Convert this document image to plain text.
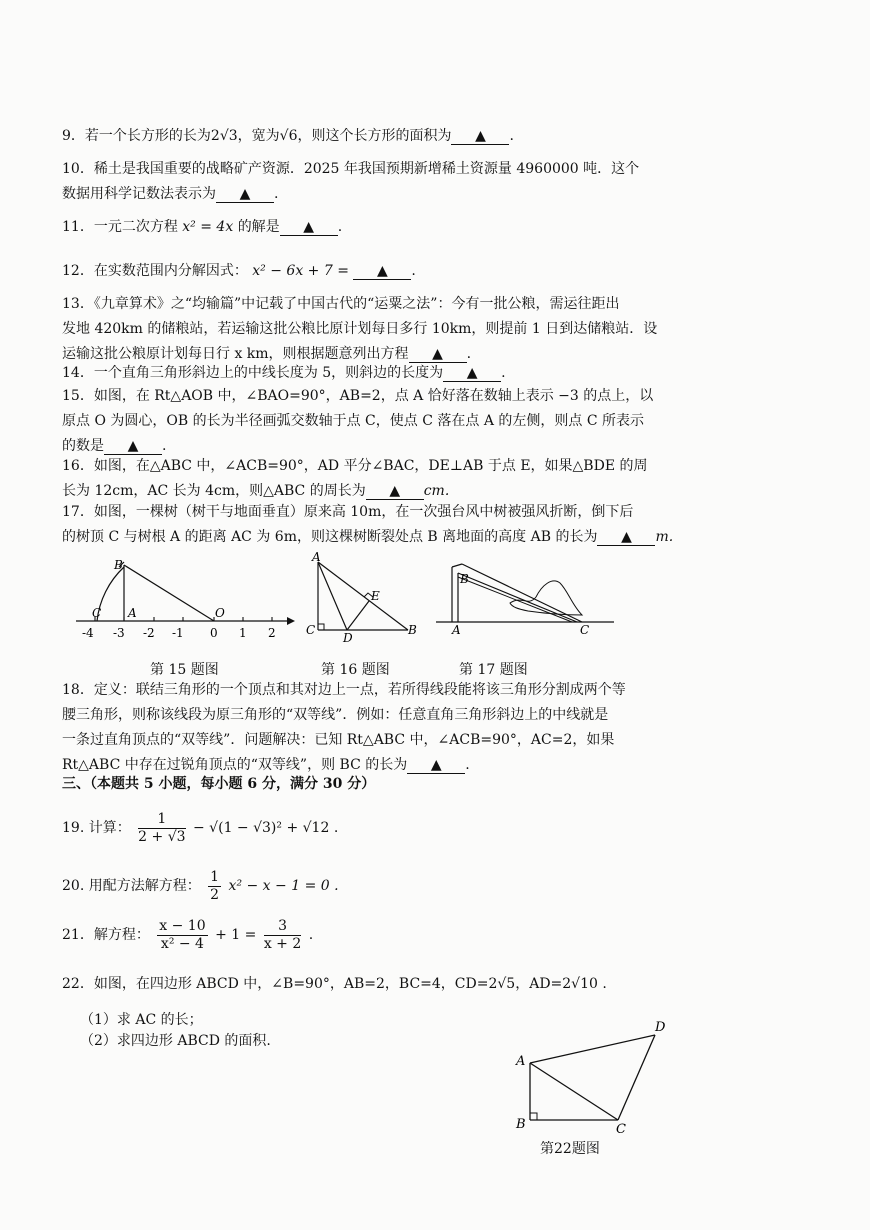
9．若一个长方形的长为2√3，宽为√6，则这个长方形的面积为 ▲ .
10．稀土是我国重要的战略矿产资源．2025 年我国预期新增稀土资源量 4960000 吨．这个
数据用科学记数法表示为 ▲ .
11．一元二次方程 x² = 4x 的解是 ▲ .
12．在实数范围内分解因式： x² − 6x + 7 = ▲ .
13．《九章算术》之“均输篇”中记载了中国古代的“运粟之法”：今有一批公粮，需运往距出
发地 420km 的储粮站，若运输这批公粮比原计划每日多行 10km，则提前 1 日到达储粮站．设
运输这批公粮原计划每日行 x km，则根据题意列出方程 ▲ .
14．一个直角三角形斜边上的中线长度为 5，则斜边的长度为 ▲ .
15．如图，在 Rt△AOB 中，∠BAO=90°，AB=2，点 A 恰好落在数轴上表示 −3 的点上，以
原点 O 为圆心，OB 的长为半径画弧交数轴于点 C，使点 C 落在点 A 的左侧，则点 C 所表示
的数是 ▲ .
16．如图，在△ABC 中，∠ACB=90°，AD 平分∠BAC，DE⊥AB 于点 E，如果△BDE 的周
长为 12cm，AC 长为 4cm，则△ABC 的周长为 ▲ cm.
17．如图，一棵树（树干与地面垂直）原来高 10m，在一次强台风中树被强风折断，倒下后
的树顶 C 与树根 A 的距离 AC 为 6m，则这棵树断裂处点 B 离地面的高度 AB 的长为 ▲ m.
B
C A	O
-4 -3 -2 -1 0 1 2
A
C
D
E
B
B
A	C
第 15 题图	第 16 题图	第 17 题图
18．定义：联结三角形的一个顶点和其对边上一点，若所得线段能将该三角形分割成两个等
腰三角形，则称该线段为原三角形的“双等线”．例如：任意直角三角形斜边上的中线就是
一条过直角顶点的“双等线”．问题解决：已知 Rt△ABC 中，∠ACB=90°，AC=2，如果
Rt△ABC 中存在过锐角顶点的“双等线”，则 BC 的长为 ▲ .
三、（本题共 5 小题，每小题 6 分，满分 30 分）
19. 计算： $\frac{1}{2 + √3} - √(1 - √3)^2 + √12$ .
20. 用配方法解方程： $\frac{1}{2} x^2 - x - 1 = 0$ .
21．解方程： $\frac{x - 10}{\text{x² − 4}} + 1 = \frac{3}{x + 2}$ .
22．如图，在四边形 ABCD 中，∠B=90°，AB=2，BC=4，CD=2√5，AD=2√10 .
（1）求 AC 的长；
（2）求四边形 ABCD 的面积.
A
B	C
D
第22题图
